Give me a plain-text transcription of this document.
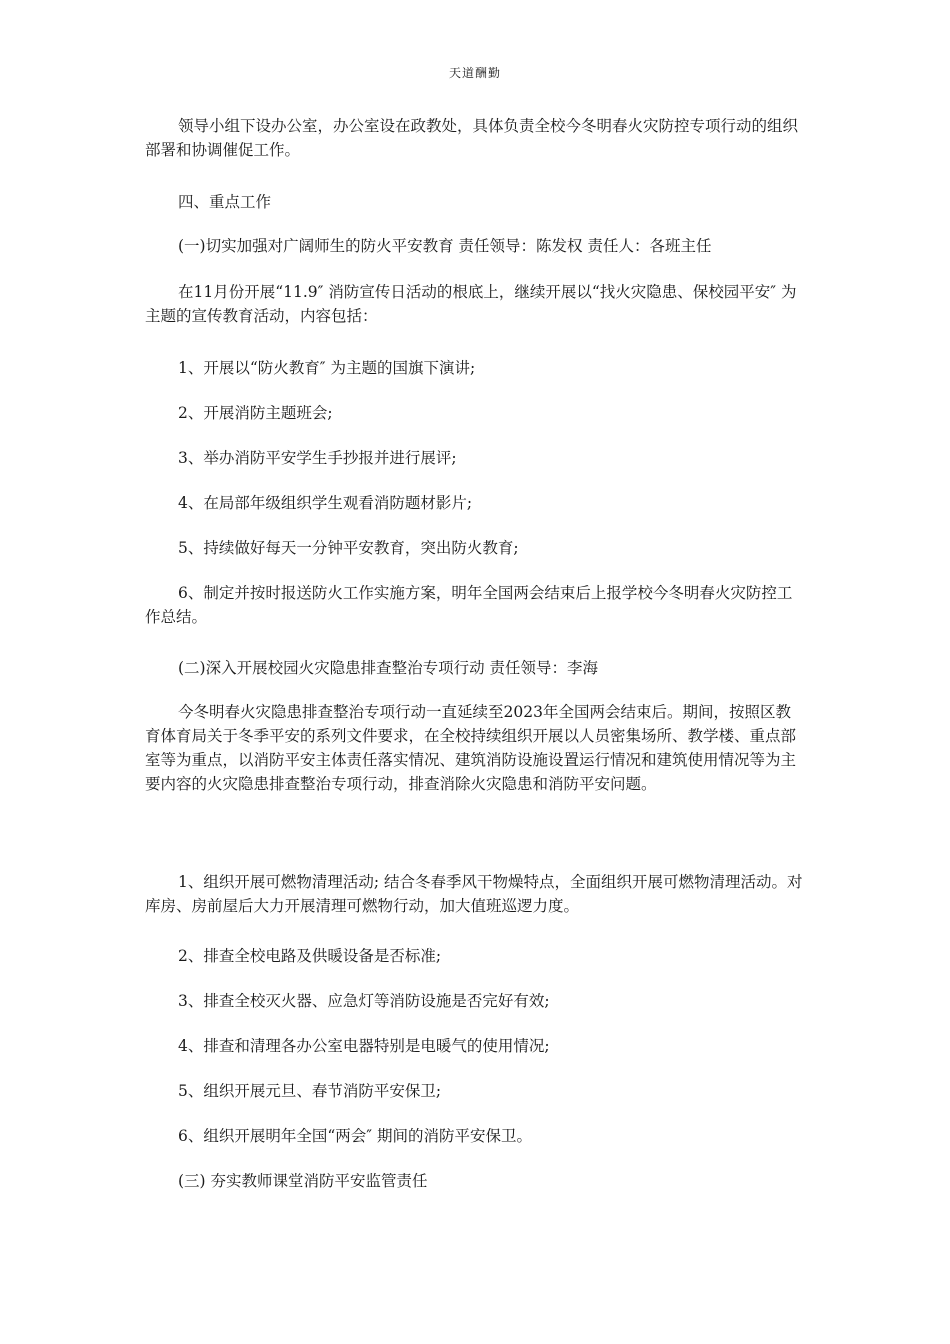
天道酬勤

领导小组下设办公室，办公室设在政教处，具体负责全校今冬明春火灾防控专项行动的组织部署和协调催促工作。

四、重点工作

(一)切实加强对广阔师生的防火平安教育 责任领导：陈发权 责任人：各班主任

在11月份开展“11.9″ 消防宣传日活动的根底上，继续开展以“找火灾隐患、保校园平安″ 为主题的宣传教育活动，内容包括：

1、开展以“防火教育″ 为主题的国旗下演讲;

2、开展消防主题班会;

3、举办消防平安学生手抄报并进行展评;

4、在局部年级组织学生观看消防题材影片;

5、持续做好每天一分钟平安教育，突出防火教育;

6、制定并按时报送防火工作实施方案，明年全国两会结束后上报学校今冬明春火灾防控工作总结。

(二)深入开展校园火灾隐患排查整治专项行动 责任领导：李海

今冬明春火灾隐患排查整治专项行动一直延续至2023年全国两会结束后。期间，按照区教育体育局关于冬季平安的系列文件要求，在全校持续组织开展以人员密集场所、教学楼、重点部室等为重点，以消防平安主体责任落实情况、建筑消防设施设置运行情况和建筑使用情况等为主要内容的火灾隐患排查整治专项行动，排查消除火灾隐患和消防平安问题。

1、组织开展可燃物清理活动; 结合冬春季风干物燥特点，全面组织开展可燃物清理活动。对库房、房前屋后大力开展清理可燃物行动，加大值班巡逻力度。

2、排查全校电路及供暖设备是否标准;

3、排查全校灭火器、应急灯等消防设施是否完好有效;

4、排查和清理各办公室电器特别是电暖气的使用情况;

5、组织开展元旦、春节消防平安保卫;

6、组织开展明年全国“两会″ 期间的消防平安保卫。

(三) 夯实教师课堂消防平安监管责任
